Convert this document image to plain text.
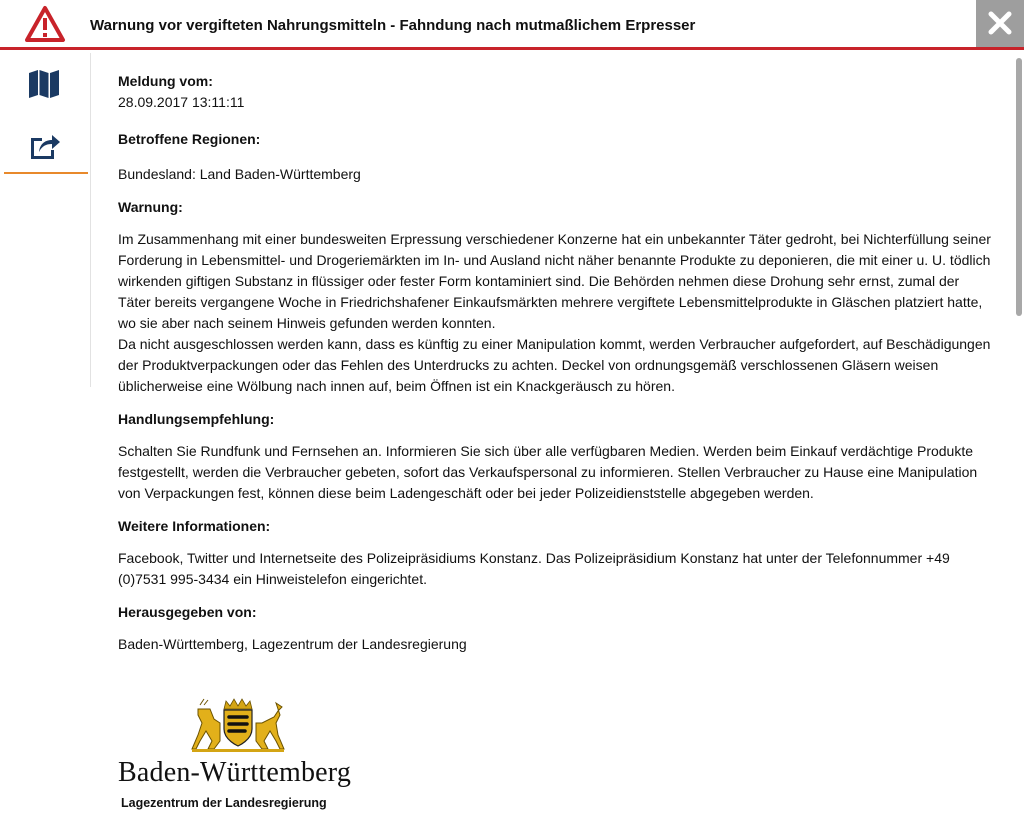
Warnung vor vergifteten Nahrungsmitteln - Fahndung nach mutmaßlichem Erpresser
Meldung vom:
28.09.2017 13:11:11
Betroffene Regionen:
Bundesland: Land Baden-Württemberg
Warnung:

Im Zusammenhang mit einer bundesweiten Erpressung verschiedener Konzerne hat ein unbekannter Täter gedroht, bei Nichterfüllung seiner Forderung in Lebensmittel- und Drogeriemärkten im In- und Ausland nicht näher benannte Produkte zu deponieren, die mit einer u. U. tödlich wirkenden giftigen Substanz in flüssiger oder fester Form kontaminiert sind. Die Behörden nehmen diese Drohung sehr ernst, zumal der Täter bereits vergangene Woche in Friedrichshafener Einkaufsmärkten mehrere vergiftete Lebensmittelprodukte in Gläschen platziert hatte, wo sie aber nach seinem Hinweis gefunden werden konnten.

Da nicht ausgeschlossen werden kann, dass es künftig zu einer Manipulation kommt, werden Verbraucher aufgefordert, auf Beschädigungen der Produktverpackungen oder das Fehlen des Unterdrucks zu achten. Deckel von ordnungsgemäß verschlossenen Gläsern weisen üblicherweise eine Wölbung nach innen auf, beim Öffnen ist ein Knackgeräusch zu hören.

Handlungsempfehlung:
Schalten Sie Rundfunk und Fernsehen an. Informieren Sie sich über alle verfügbaren Medien. Werden beim Einkauf verdächtige Produkte festgestellt, werden die Verbraucher gebeten, sofort das Verkaufspersonal zu informieren. Stellen Verbraucher zu Hause eine Manipulation von Verpackungen fest, können diese beim Ladengeschäft oder bei jeder Polizeidienststelle abgegeben werden.
Weitere Informationen:
Facebook, Twitter und Internetseite des Polizeipräsidiums Konstanz. Das Polizeipräsidium Konstanz hat unter der Telefonnummer +49 (0)7531 995-3434 ein Hinweistelefon eingerichtet.
Herausgegeben von:
Baden-Württemberg, Lagezentrum der Landesregierung
Baden-Württemberg
Lagezentrum der Landesregierung
